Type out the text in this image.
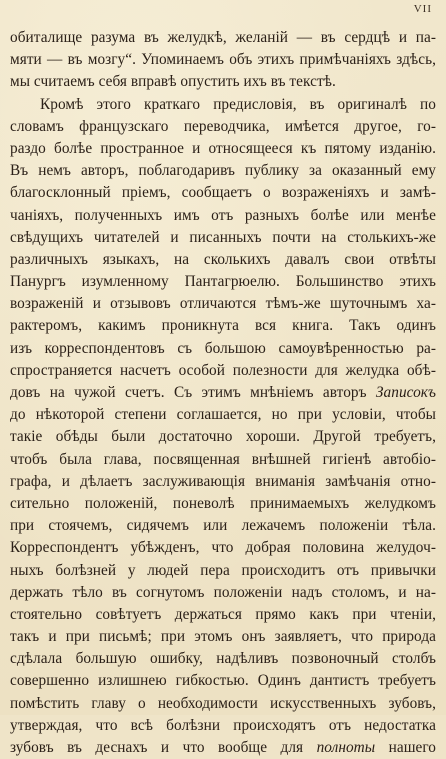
VII
обиталище разума въ желудкѣ, желаній — въ сердцѣ и па-
мяти — въ мозгу“. Упоминаемъ объ этихъ примѣчаніяхъ здѣсь,
мы считаемъ себя вправѣ опустить ихъ въ текстѣ.
Кромѣ этого краткаго предисловія, въ оригиналѣ по
словамъ французскаго переводчика, имѣется другое, го-
раздо болѣе пространное и относящееся къ пятому изданію.
Въ немъ авторъ, поблагодаривъ публику за оказанный ему
благосклонный пріемъ, сообщаетъ о возраженіяхъ и замѣ-
чаніяхъ, полученныхъ имъ отъ разныхъ болѣе или менѣе
свѣдущихъ читателей и писанныхъ почти на столькихъ-же
различныхъ языкахъ, на сколькихъ давалъ свои отвѣты
Панургъ изумленному Пантагрюелю. Большинство этихъ
возраженій и отзывовъ отличаются тѣмъ-же шуточнымъ ха-
рактеромъ, какимъ проникнута вся книга. Такъ одинъ
изъ корреспондентовъ съ большою самоувѣренностью ра-
спространяется насчетъ особой полезности для желудка обѣ-
довъ на чужой счетъ. Съ этимъ мнѣніемъ авторъ Записокъ
до нѣкоторой степени соглашается, но при условіи, чтобы
такіе обѣды были достаточно хороши. Другой требуетъ,
чтобъ была глава, посвященная внѣшней гигіенѣ автобіо-
графа, и дѣлаетъ заслуживающія вниманія замѣчанія отно-
сительно положеній, поневолѣ принимаемыхъ желудкомъ
при стоячемъ, сидячемъ или лежачемъ положеніи тѣла.
Корреспондентъ убѣжденъ, что добрая половина желудоч-
ныхъ болѣзней у людей пера происходитъ отъ привычки
держать тѣло въ согнутомъ положеніи надъ столомъ, и на-
стоятельно совѣтуетъ держаться прямо какъ при чтеніи,
такъ и при письмѣ; при этомъ онъ заявляетъ, что природа
сдѣлала большую ошибку, надѣливъ позвоночный столбъ
совершенно излишнею гибкостью. Одинъ дантистъ требуетъ
помѣстить главу о необходимости искусственныхъ зубовъ,
утверждая, что всѣ болѣзни происходятъ отъ недостатка
зубовъ въ деснахъ и что вообще для полноты нашего
